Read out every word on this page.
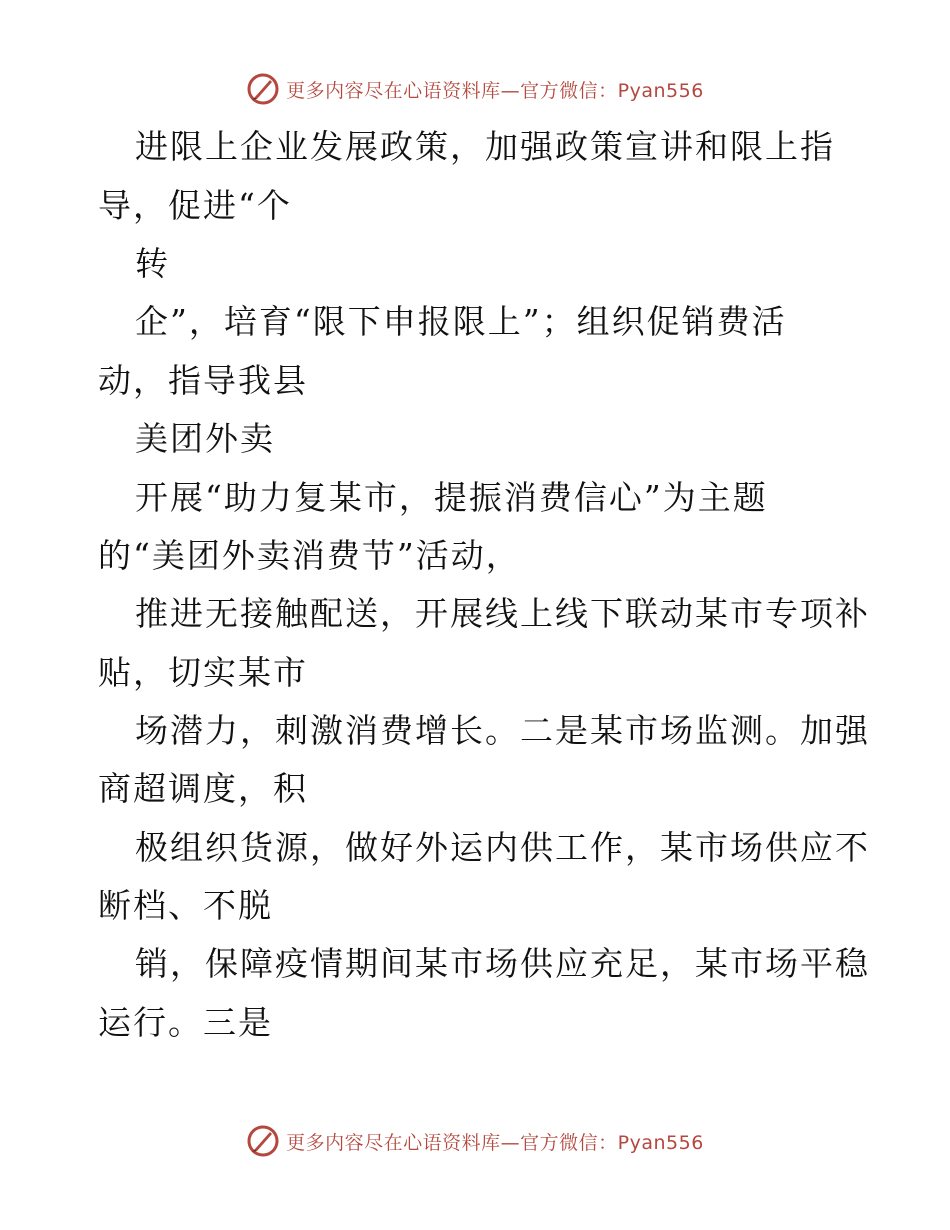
更多内容尽在心语资料库—官方微信：Pyan556
进限上企业发展政策，加强政策宣讲和限上指
导，促进“个
转
企”，培育“限下申报限上”；组织促销费活
动，指导我县
美团外卖
开展“助力复某市，提振消费信心”为主题
的“美团外卖消费节”活动，
推进无接触配送，开展线上线下联动某市专项补
贴，切实某市
场潜力，刺激消费增长。二是某市场监测。加强
商超调度，积
极组织货源，做好外运内供工作，某市场供应不
断档、不脱
销，保障疫情期间某市场供应充足，某市场平稳
运行。三是
更多内容尽在心语资料库—官方微信：Pyan556
